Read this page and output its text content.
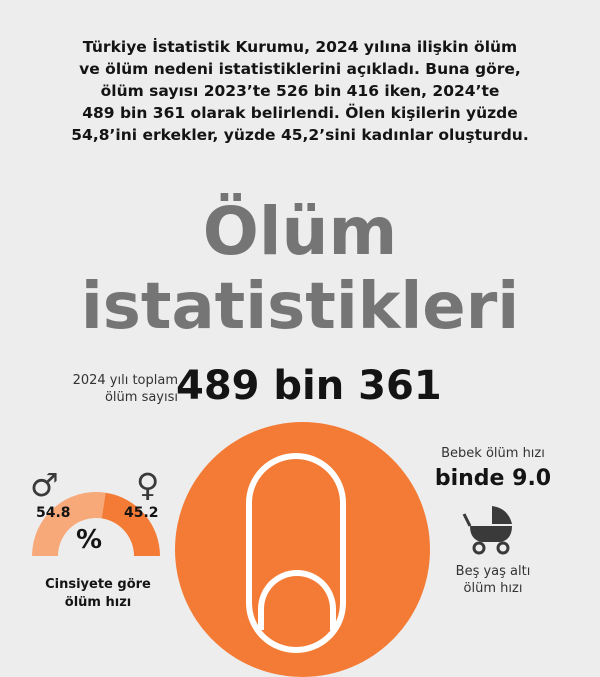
Türkiye İstatistik Kurumu, 2024 yılına ilişkin ölüm
ve ölüm nedeni istatistiklerini açıkladı. Buna göre,
ölüm sayısı 2023’te 526 bin 416 iken, 2024’te
489 bin 361 olarak belirlendi. Ölen kişilerin yüzde
54,8’ini erkekler, yüzde 45,2’sini kadınlar oluşturdu.
Ölüm
istatistikleri
2024 yılı toplam
ölüm sayısı
489 bin 361
♂ ♀
54.8	45.2
%
Cinsiyete göre
ölüm hızı
Bebek ölüm hızı
binde 9.0
Beş yaş altı
ölüm hızı
